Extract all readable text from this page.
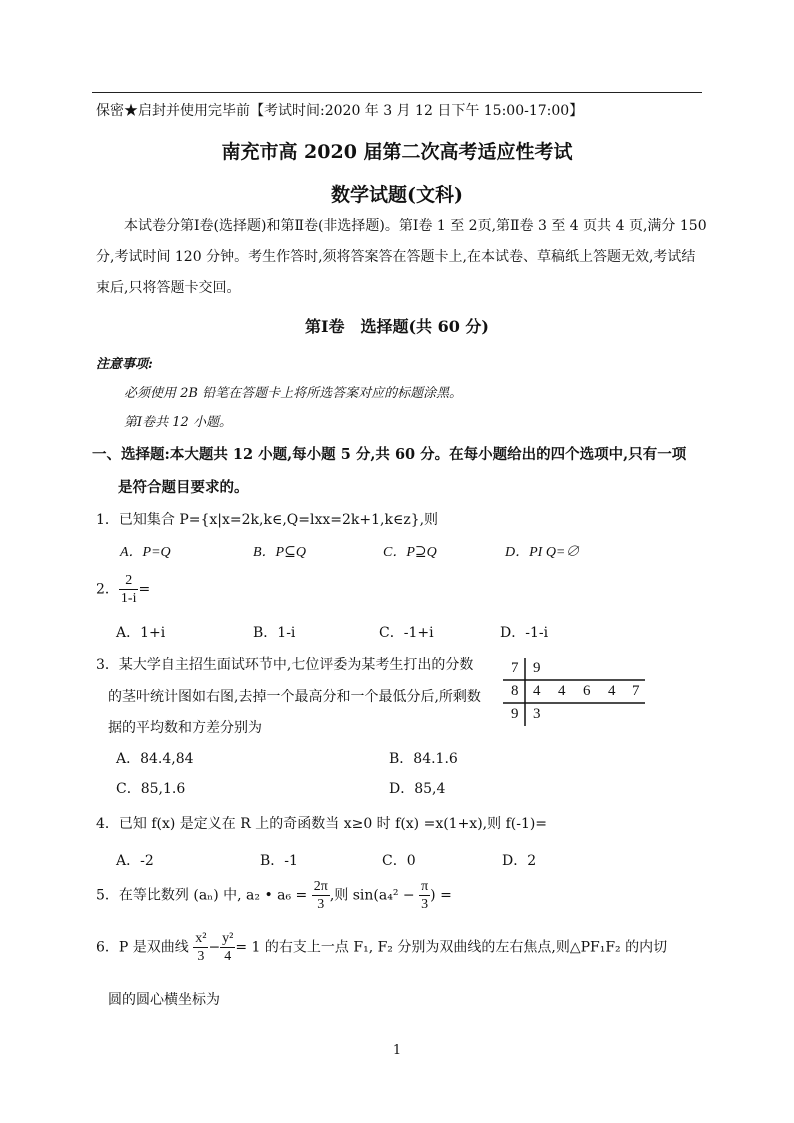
保密★启封并使用完毕前【考试时间:2020 年 3 月 12 日下午 15:00-17:00】
南充市高 2020 届第二次高考适应性考试
数学试题(文科)
本试卷分第Ⅰ卷(选择题)和第Ⅱ卷(非选择题)。第Ⅰ卷 1 至 2页,第Ⅱ卷 3 至 4 页共 4 页,满分 150 分,考试时间 120 分钟。考生作答时,须将答案答在答题卡上,在本试卷、草稿纸上答题无效,考试结束后,只将答题卡交回。
第Ⅰ卷　选择题(共 60 分)
注意事项:
必须使用 2B 铅笔在答题卡上将所选答案对应的标题涂黑。
第Ⅰ卷共 12 小题。
一、选择题:本大题共 12 小题,每小题 5 分,共 60 分。在每小题给出的四个选项中,只有一项
是符合题目要求的。
1．已知集合 P={x|x=2k,k∈,Q=lxx=2k+1,k∈z},则
A．P=Q	B．P⊆Q	C．P⊇Q	D．PI Q=∅
2． $\frac{2}{1-i}$ =
A．1+i	B．1-i	C．-1+i	D．-1-i
3．某大学自主招生面试环节中,七位评委为某考生打出的分数
的茎叶统计图如右图,去掉一个最高分和一个最低分后,所剩数
据的平均数和方差分别为
7 9
8 4 4 6 4 7
9 3
A．84.4,84	B．84.1.6
C．85,1.6	D．85,4
4．已知 f(x) 是定义在 R 上的奇函数当 x≥0 时 f(x) =x(1+x),则 f(-1)=
A．-2	B．-1	C．0	D．2
5．在等比数列 (aₙ) 中, a₂ • $a_6 = \frac{2\pi}{3}$ ,则 $\sin(a_4^2 - \frac{\pi}{3}$ ) =
6．P 是双曲线 $\frac{\text{x²}}{3} - \frac{\text{y²}}{4} = 1$ 的右支上一点 F₁, F₂ 分别为双曲线的左右焦点,则△PF₁F₂ 的内切
圆的圆心横坐标为
1
